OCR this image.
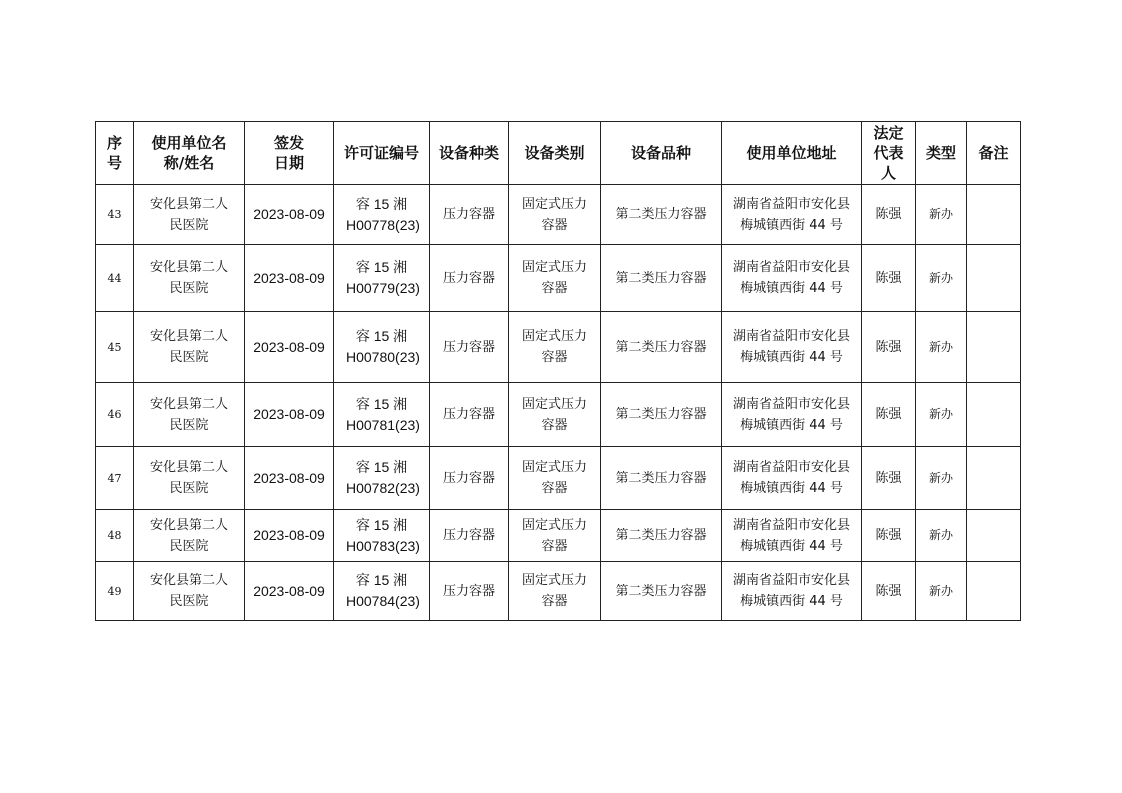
序号	使用单位名称/姓名	签发日期	许可证编号	设备种类	设备类别	设备品种	使用单位地址	法定代表人	类型	备注
43	安化县第二人民医院	2023-08-09	容 15 湘 H00778(23)	压力容器	固定式压力容器	第二类压力容器	湖南省益阳市安化县梅城镇西街 44 号	陈强	新办	
44	安化县第二人民医院	2023-08-09	容 15 湘 H00779(23)	压力容器	固定式压力容器	第二类压力容器	湖南省益阳市安化县梅城镇西街 44 号	陈强	新办	
45	安化县第二人民医院	2023-08-09	容 15 湘 H00780(23)	压力容器	固定式压力容器	第二类压力容器	湖南省益阳市安化县梅城镇西街 44 号	陈强	新办	
46	安化县第二人民医院	2023-08-09	容 15 湘 H00781(23)	压力容器	固定式压力容器	第二类压力容器	湖南省益阳市安化县梅城镇西街 44 号	陈强	新办	
47	安化县第二人民医院	2023-08-09	容 15 湘 H00782(23)	压力容器	固定式压力容器	第二类压力容器	湖南省益阳市安化县梅城镇西街 44 号	陈强	新办	
48	安化县第二人民医院	2023-08-09	容 15 湘 H00783(23)	压力容器	固定式压力容器	第二类压力容器	湖南省益阳市安化县梅城镇西街 44 号	陈强	新办	
49	安化县第二人民医院	2023-08-09	容 15 湘 H00784(23)	压力容器	固定式压力容器	第二类压力容器	湖南省益阳市安化县梅城镇西街 44 号	陈强	新办	
